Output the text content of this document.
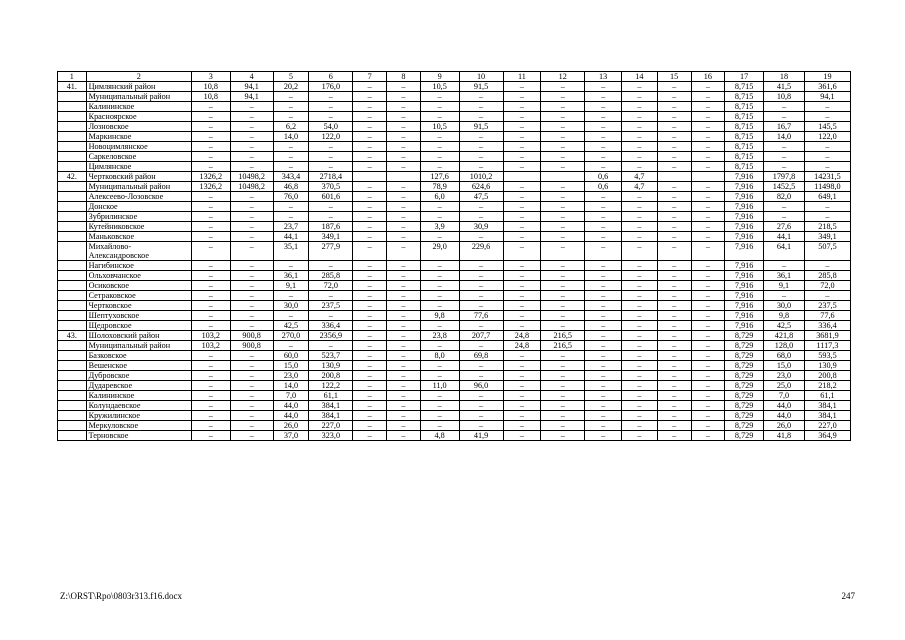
1	2	3	4	5	6	7	8	9	10	11	12	13	14	15	16	17	18	19
41.	Цимлянский район	10,8	94,1	20,2	176,0	–	–	10,5	91,5	–	–	–	–	–	–	8,715	41,5	361,6
	Муниципальный район	10,8	94,1	–	–	–	–	–	–	–	–	–	–	–	–	8,715	10,8	94,1
	Калининское	–	–	–	–	–	–	–	–	–	–	–	–	–	–	8,715	–	–
	Красноярское	–	–	–	–	–	–	–	–	–	–	–	–	–	–	8,715	–	–
	Лозновское	–	–	6,2	54,0	–	–	10,5	91,5	–	–	–	–	–	–	8,715	16,7	145,5
	Маркинское	–	–	14,0	122,0	–	–	–	–	–	–	–	–	–	–	8,715	14,0	122,0
	Новоцимлянское	–	–	–	–	–	–	–	–	–	–	–	–	–	–	8,715	–	–
	Саркеловское	–	–	–	–	–	–	–	–	–	–	–	–	–	–	8,715	–	–
	Цимлянское	–	–	–	–	–	–	–	–	–	–	–	–	–	–	8,715	–	–
42.	Чертковский район	1326,2	10498,2	343,4	2718,4			127,6	1010,2			0,6	4,7			7,916	1797,8	14231,5
	Муниципальный район	1326,2	10498,2	46,8	370,5	–	–	78,9	624,6	–	–	0,6	4,7	–	–	7,916	1452,5	11498,0
	Алексеево-Лозовское	–	–	76,0	601,6	–	–	6,0	47,5	–	–	–	–	–	–	7,916	82,0	649,1
	Донское	–	–	–	–	–	–	–	–	–	–	–	–	–	–	7,916	–	–
	Зубрилинское	–	–	–	–	–	–	–	–	–	–	–	–	–	–	7,916	–	–
	Кутейниковское	–	–	23,7	187,6	–	–	3,9	30,9	–	–	–	–	–	–	7,916	27,6	218,5
	Маньковское	–	–	44,1	349,1	–	–	–	–	–	–	–	–	–	–	7,916	44,1	349,1
	Михайлово-Александровское	–	–	35,1	277,9	–	–	29,0	229,6	–	–	–	–	–	–	7,916	64,1	507,5
	Нагибинское	–	–	–	–	–	–	–	–	–	–	–	–	–	–	7,916	–	–
	Ольховчанское	–	–	36,1	285,8	–	–	–	–	–	–	–	–	–	–	7,916	36,1	285,8
	Осиковское	–	–	9,1	72,0	–	–	–	–	–	–	–	–	–	–	7,916	9,1	72,0
	Сетраковское	–	–	–	–	–	–	–	–	–	–	–	–	–	–	7,916	–	–
	Чертковское	–	–	30,0	237,5	–	–	–	–	–	–	–	–	–	–	7,916	30,0	237,5
	Шептуховское	–	–	–	–	–	–	9,8	77,6	–	–	–	–	–	–	7,916	9,8	77,6
	Щедровское	–	–	42,5	336,4	–	–	–	–	–	–	–	–	–	–	7,916	42,5	336,4
43.	Шолоховский район	103,2	900,8	270,0	2356,9	–	–	23,8	207,7	24,8	216,5	–	–	–	–	8,729	421,8	3681,9
	Муниципальный район	103,2	900,8	–	–	–	–	–	–	24,8	216,5	–	–	–	–	8,729	128,0	1117,3
	Базковское	–	–	60,0	523,7	–	–	8,0	69,8	–	–	–	–	–	–	8,729	68,0	593,5
	Вешенское	–	–	15,0	130,9	–	–	–	–	–	–	–	–	–	–	8,729	15,0	130,9
	Дубровское	–	–	23,0	200,8	–	–	–	–	–	–	–	–	–	–	8,729	23,0	200,8
	Дударевское	–	–	14,0	122,2	–	–	11,0	96,0	–	–	–	–	–	–	8,729	25,0	218,2
	Калининское	–	–	7,0	61,1	–	–	–	–	–	–	–	–	–	–	8,729	7,0	61,1
	Колундаевское	–	–	44,0	384,1	–	–	–	–	–	–	–	–	–	–	8,729	44,0	384,1
	Кружилинское	–	–	44,0	384,1	–	–	–	–	–	–	–	–	–	–	8,729	44,0	384,1
	Меркуловское	–	–	26,0	227,0	–	–	–	–	–	–	–	–	–	–	8,729	26,0	227,0
	Терновское	–	–	37,0	323,0	–	–	4,8	41,9	–	–	–	–	–	–	8,729	41,8	364,9
Z:\ORST\Rpo\0803r313.f16.docx	247
